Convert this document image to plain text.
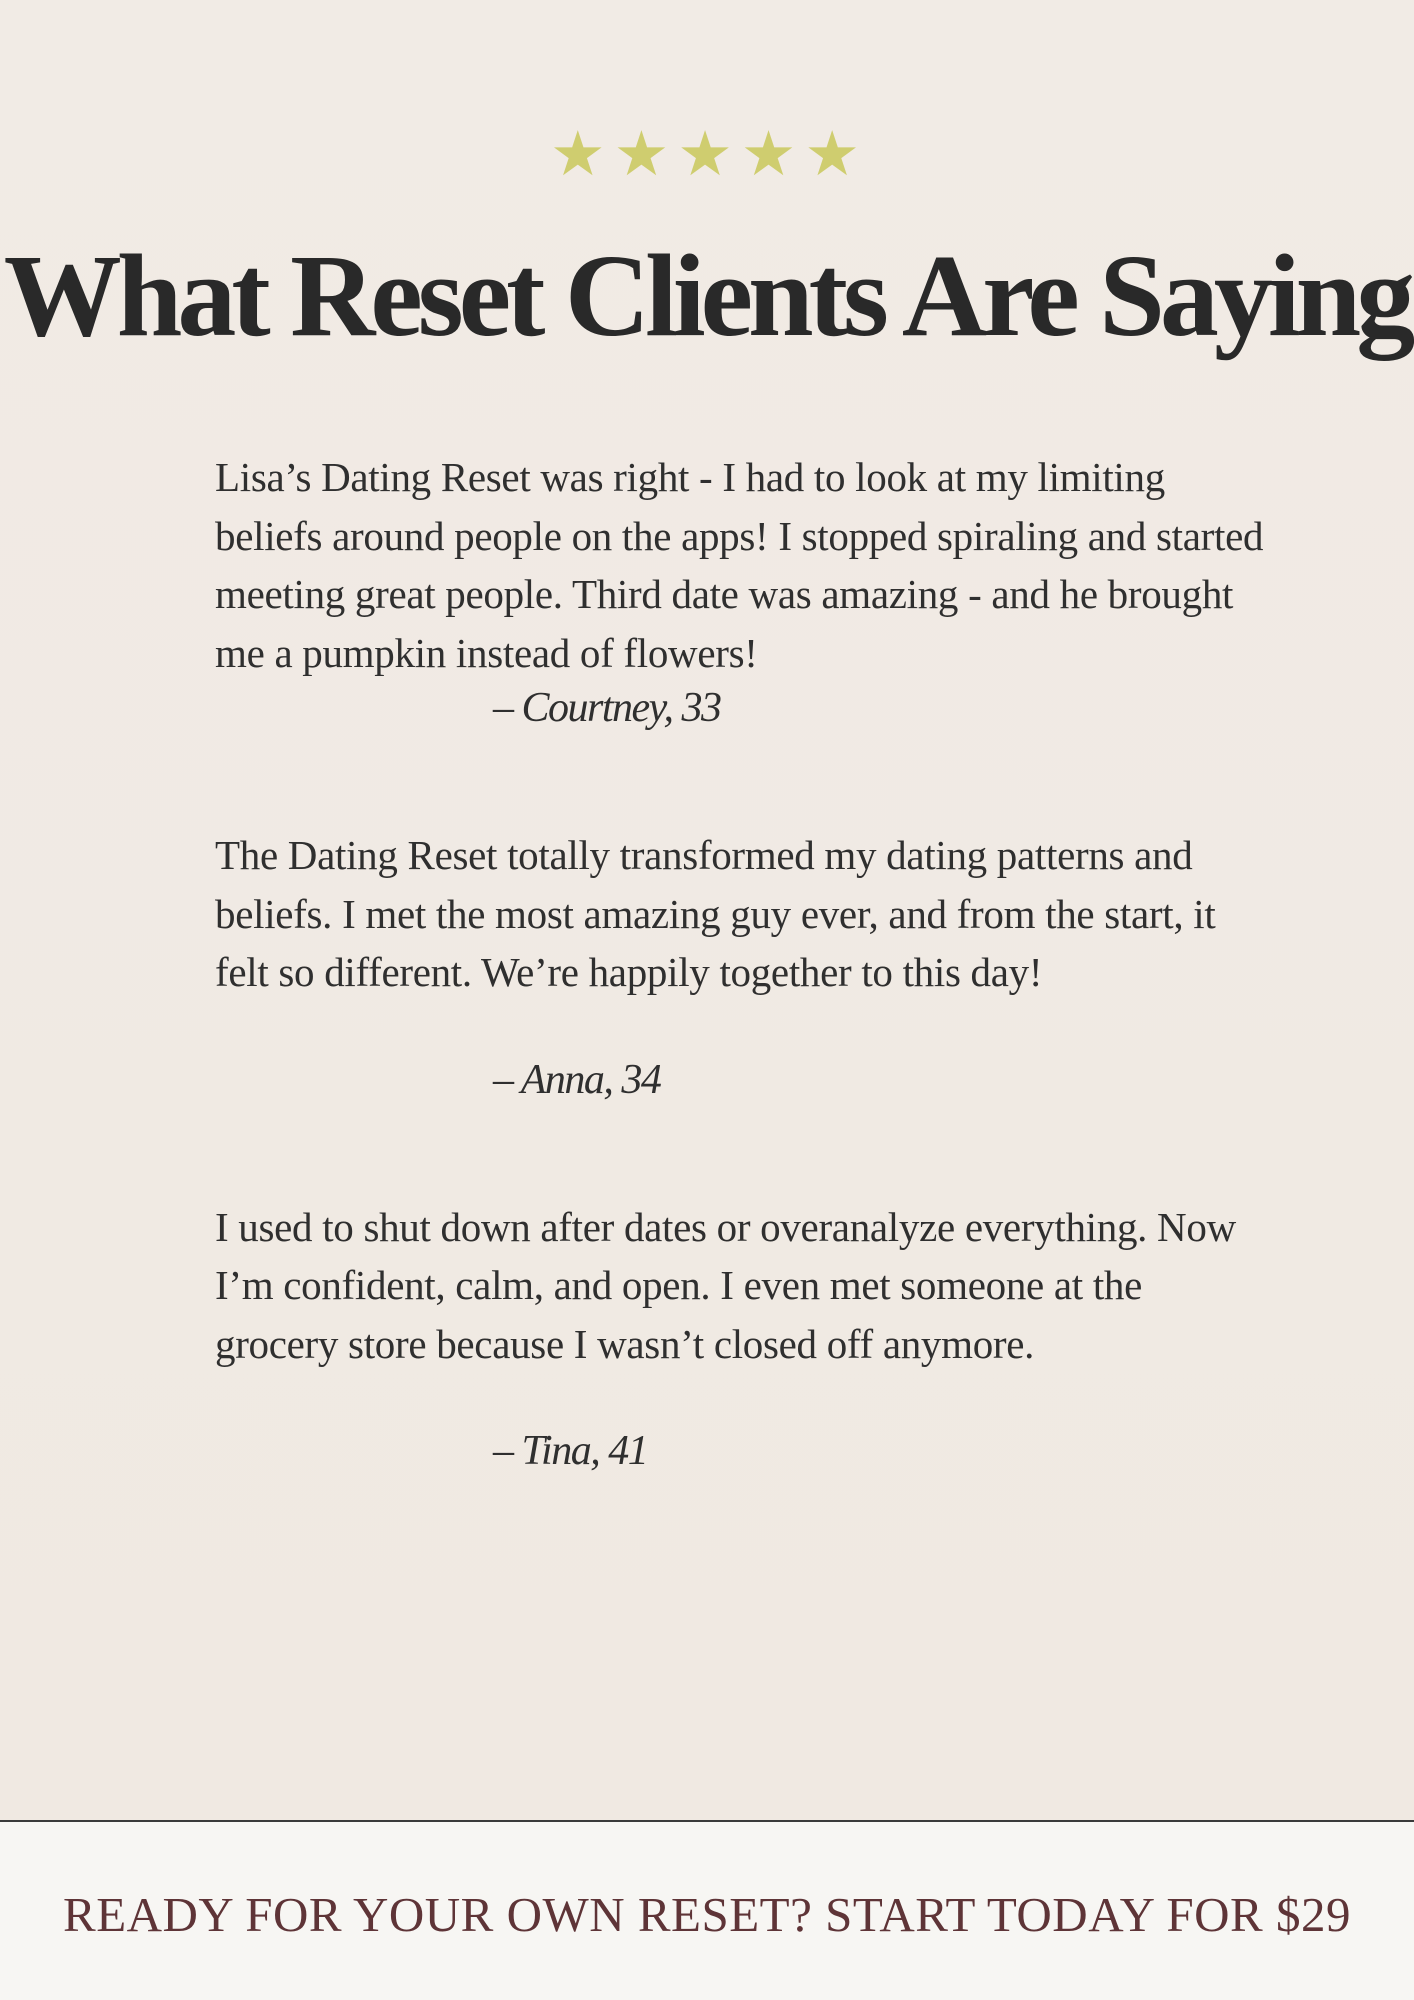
★★★★★
What Reset Clients Are Saying

Lisa’s Dating Reset was right - I had to look at my limiting beliefs around people on the apps! I stopped spiraling and started meeting great people. Third date was amazing - and he brought me a pumpkin instead of flowers!

– Courtney, 33

The Dating Reset totally transformed my dating patterns and beliefs. I met the most amazing guy ever, and from the start, it felt so different. We’re happily together to this day!

– Anna, 34

I used to shut down after dates or overanalyze everything. Now I’m confident, calm, and open. I even met someone at the grocery store because I wasn’t closed off anymore.

– Tina, 41
READY FOR YOUR OWN RESET? START TODAY FOR $29
